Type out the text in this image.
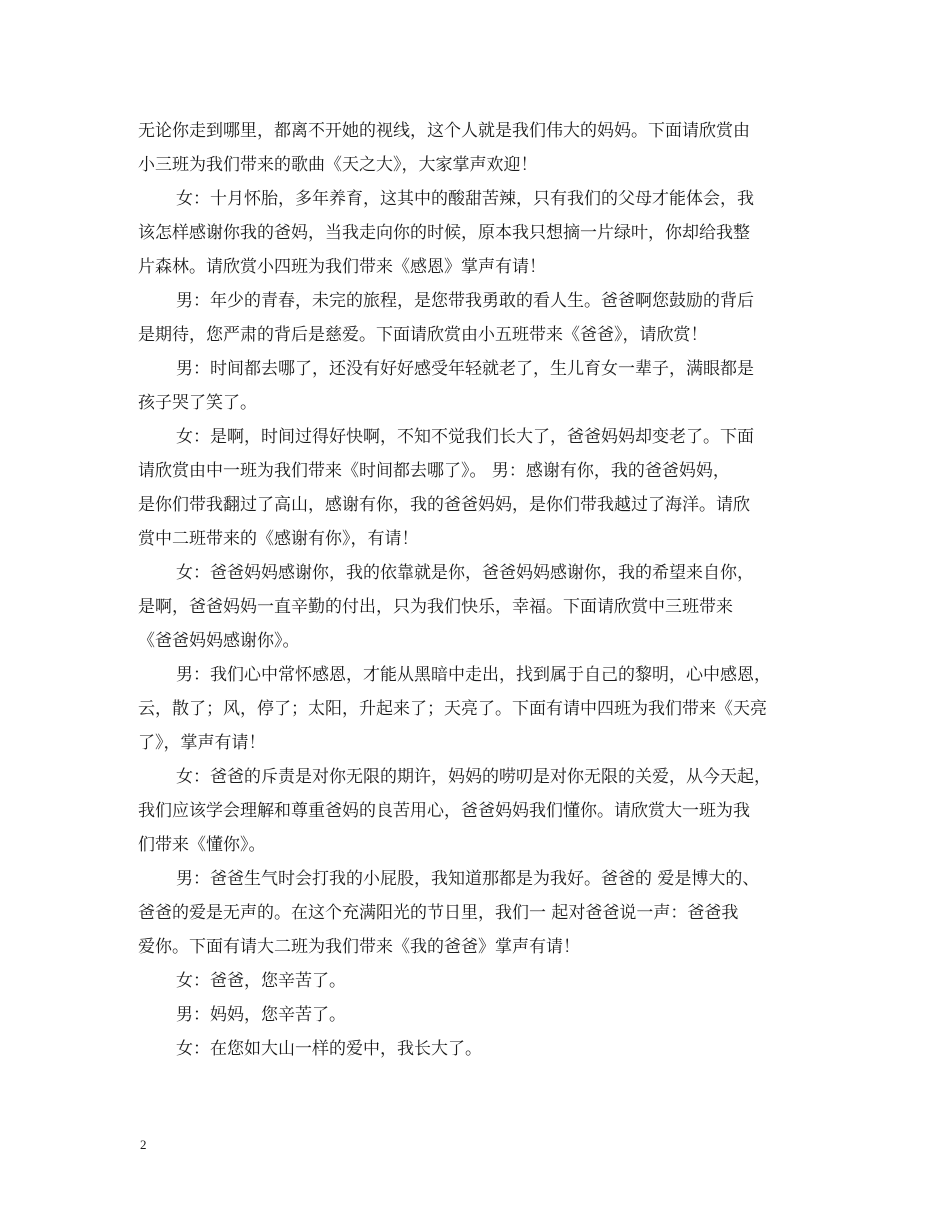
无论你走到哪里，都离不开她的视线，这个人就是我们伟大的妈妈。下面请欣赏由
小三班为我们带来的歌曲《天之大》，大家掌声欢迎！
女：十月怀胎，多年养育，这其中的酸甜苦辣，只有我们的父母才能体会，我
该怎样感谢你我的爸妈，当我走向你的时候，原本我只想摘一片绿叶，你却给我整
片森林。请欣赏小四班为我们带来《感恩》掌声有请！
男：年少的青春，未完的旅程，是您带我勇敢的看人生。爸爸啊您鼓励的背后
是期待，您严肃的背后是慈爱。下面请欣赏由小五班带来《爸爸》，请欣赏！
男：时间都去哪了，还没有好好感受年轻就老了，生儿育女一辈子，满眼都是
孩子哭了笑了。
女：是啊，时间过得好快啊，不知不觉我们长大了，爸爸妈妈却变老了。下面
请欣赏由中一班为我们带来《时间都去哪了》。 男：感谢有你，我的爸爸妈妈，
是你们带我翻过了高山，感谢有你，我的爸爸妈妈，是你们带我越过了海洋。请欣
赏中二班带来的《感谢有你》，有请！
女：爸爸妈妈感谢你，我的依靠就是你，爸爸妈妈感谢你，我的希望来自你，
是啊，爸爸妈妈一直辛勤的付出，只为我们快乐，幸福。下面请欣赏中三班带来
《爸爸妈妈感谢你》。
男：我们心中常怀感恩，才能从黑暗中走出，找到属于自己的黎明，心中感恩，
云，散了；风，停了；太阳，升起来了；天亮了。下面有请中四班为我们带来《天亮
了》，掌声有请！
女：爸爸的斥责是对你无限的期许，妈妈的唠叨是对你无限的关爱，从今天起，
我们应该学会理解和尊重爸妈的良苦用心，爸爸妈妈我们懂你。请欣赏大一班为我
们带来《懂你》。
男：爸爸生气时会打我的小屁股，我知道那都是为我好。爸爸的 爱是博大的、
爸爸的爱是无声的。在这个充满阳光的节日里，我们一 起对爸爸说一声：爸爸我
爱你。下面有请大二班为我们带来《我的爸爸》掌声有请！
女：爸爸，您辛苦了。
男：妈妈，您辛苦了。
女：在您如大山一样的爱中，我长大了。
2
